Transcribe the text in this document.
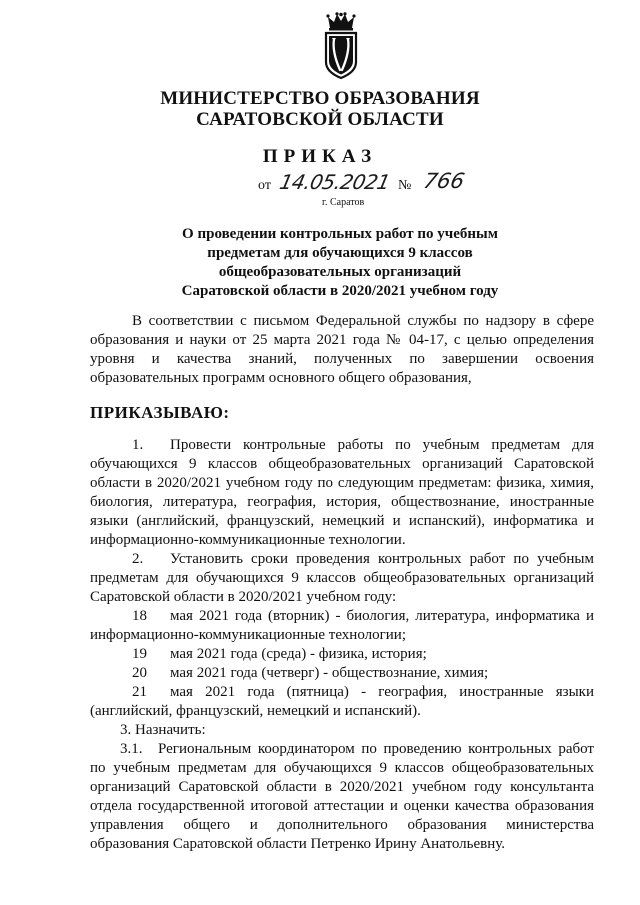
МИНИСТЕРСТВО ОБРАЗОВАНИЯ
САРАТОВСКОЙ ОБЛАСТИ
ПРИКАЗ
от 14.05.2021 № 766
г. Саратов
О проведении контрольных работ по учебным
предметам для обучающихся 9 классов
общеобразовательных организаций
Саратовской области в 2020/2021 учебном году
В соответствии с письмом Федеральной службы по надзору в сфере
образования и науки от 25 марта 2021 года № 04-17, с целью определения
уровня и качества знаний, полученных по завершении освоения
образовательных программ основного общего образования,
ПРИКАЗЫВАЮ:
1.	Провести контрольные работы по учебным предметам для
обучающихся 9 классов общеобразовательных организаций Саратовской
области в 2020/2021 учебном году по следующим предметам: физика, химия,
биология, литература, география, история, обществознание, иностранные
языки (английский, французский, немецкий и испанский), информатика и
информационно-коммуникационные технологии.
2.	Установить сроки проведения контрольных работ по учебным
предметам для обучающихся 9 классов общеобразовательных организаций
Саратовской области в 2020/2021 учебном году:
18	мая 2021 года (вторник) - биология, литература, информатика и
информационно-коммуникационные технологии;
19	мая 2021 года (среда) - физика, история;
20	мая 2021 года (четверг) - обществознание, химия;
21	мая 2021 года (пятница) - география, иностранные языки
(английский, французский, немецкий и испанский).
3. Назначить:
3.1.	Региональным координатором по проведению контрольных работ
по учебным предметам для обучающихся 9 классов общеобразовательных
организаций Саратовской области в 2020/2021 учебном году консультанта
отдела государственной итоговой аттестации и оценки качества образования
управления общего и дополнительного образования министерства
образования Саратовской области Петренко Ирину Анатольевну.
